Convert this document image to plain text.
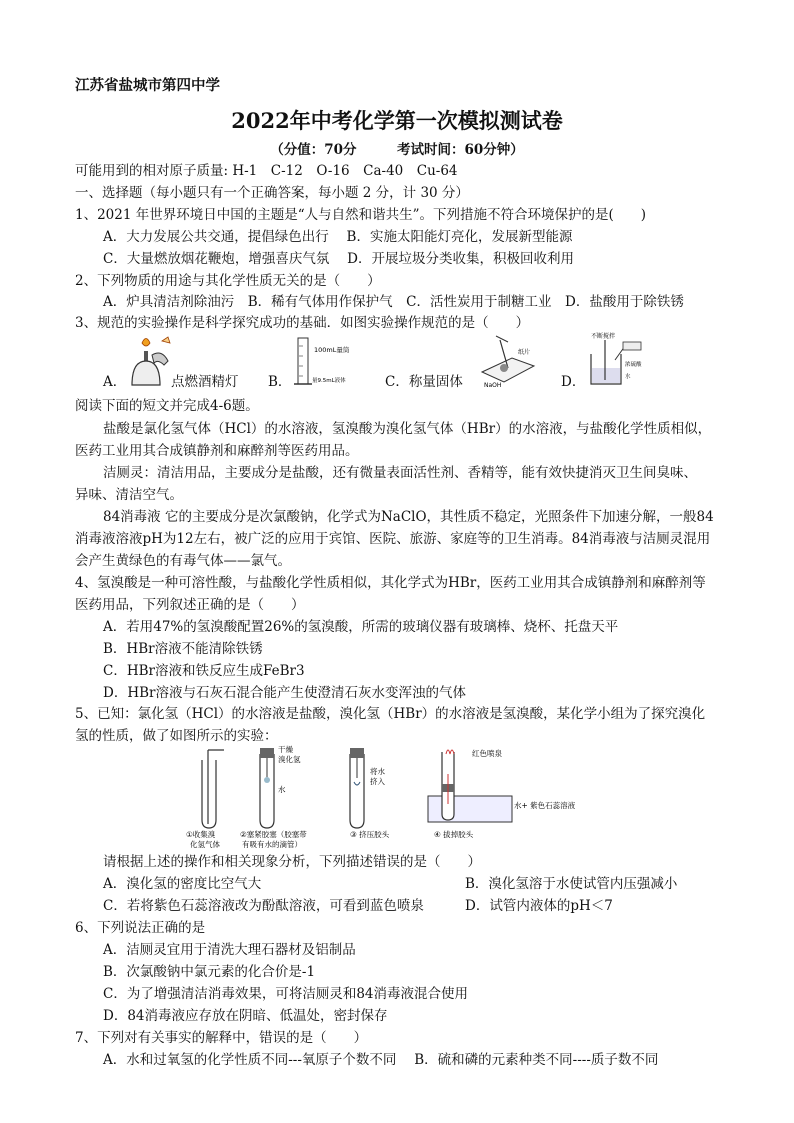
江苏省盐城市第四中学
2022年中考化学第一次模拟测试卷
（分值：70分　　　考试时间：60分钟）
可能用到的相对原子质量: H-1　C-12　O-16　Ca-40　Cu-64
一、选择题（每小题只有一个正确答案，每小题 2 分，计 30 分）
1、2021 年世界环境日中国的主题是“人与自然和谐共生”。下列措施不符合环境保护的是(　　)
A．大力发展公共交通，提倡绿色出行　 B．实施太阳能灯亮化，发展新型能源
C．大量燃放烟花鞭炮，增强喜庆气氛　 D．开展垃圾分类收集，积极回收利用
2、下列物质的用途与其化学性质无关的是（　　）
A．炉具清洁剂除油污　B．稀有气体用作保护气　C．活性炭用于制糖工业　D．盐酸用于除铁锈
3、规范的实验操作是科学探究成功的基础．如图实验操作规范的是（　　）
A．	点燃酒精灯 B．
100mL量筒
量9.5mL液体	C．称量固体
纸片
NaOH	D．
不断搅拌
浓硫酸
水
阅读下面的短文并完成4-6题。
盐酸是氯化氢气体（HCl）的水溶液，氢溴酸为溴化氢气体（HBr）的水溶液，与盐酸化学性质相似，
医药工业用其合成镇静剂和麻醉剂等医药用品。
洁厕灵：清洁用品，主要成分是盐酸，还有微量表面活性剂、香精等，能有效快捷消灭卫生间臭味、
异味、清洁空气。
84消毒液 它的主要成分是次氯酸钠，化学式为NaClO，其性质不稳定，光照条件下加速分解，一般84
消毒液溶液pH为12左右，被广泛的应用于宾馆、医院、旅游、家庭等的卫生消毒。84消毒液与洁厕灵混用
会产生黄绿色的有毒气体——氯气。
4、氢溴酸是一种可溶性酸，与盐酸化学性质相似，其化学式为HBr，医药工业用其合成镇静剂和麻醉剂等
医药用品，下列叙述正确的是（　　）
A．若用47%的氢溴酸配置26%的氢溴酸，所需的玻璃仪器有玻璃棒、烧杯、托盘天平
B．HBr溶液不能清除铁锈
C．HBr溶液和铁反应生成FeBr3
D．HBr溶液与石灰石混合能产生使澄清石灰水变浑浊的气体
5、已知：氯化氢（HCl）的水溶液是盐酸，溴化氢（HBr）的水溶液是氢溴酸，某化学小组为了探究溴化
氢的性质，做了如图所示的实验：
①收集溴
化氢气体
干燥
溴化氢
水
②塞紧胶塞（胶塞带
有吸有水的滴管）
将水
挤入
③ 挤压胶头
红色喷泉
水+ 紫色石蕊溶液
④ 拔掉胶头
请根据上述的操作和相关现象分析，下列描述错误的是（　　）
A．溴化氢的密度比空气大	B．溴化氢溶于水使试管内压强减小
C．若将紫色石蕊溶液改为酚酞溶液，可看到蓝色喷泉	D．试管内液体的pH＜7
6、下列说法正确的是
A．洁厕灵宜用于清洗大理石器材及铝制品
B．次氯酸钠中氯元素的化合价是-1
C．为了增强清洁消毒效果，可将洁厕灵和84消毒液混合使用
D．84消毒液应存放在阴暗、低温处，密封保存
7、下列对有关事实的解释中，错误的是（　　）
A．水和过氧氢的化学性质不同---氧原子个数不同　 B．硫和磷的元素种类不同----质子数不同
